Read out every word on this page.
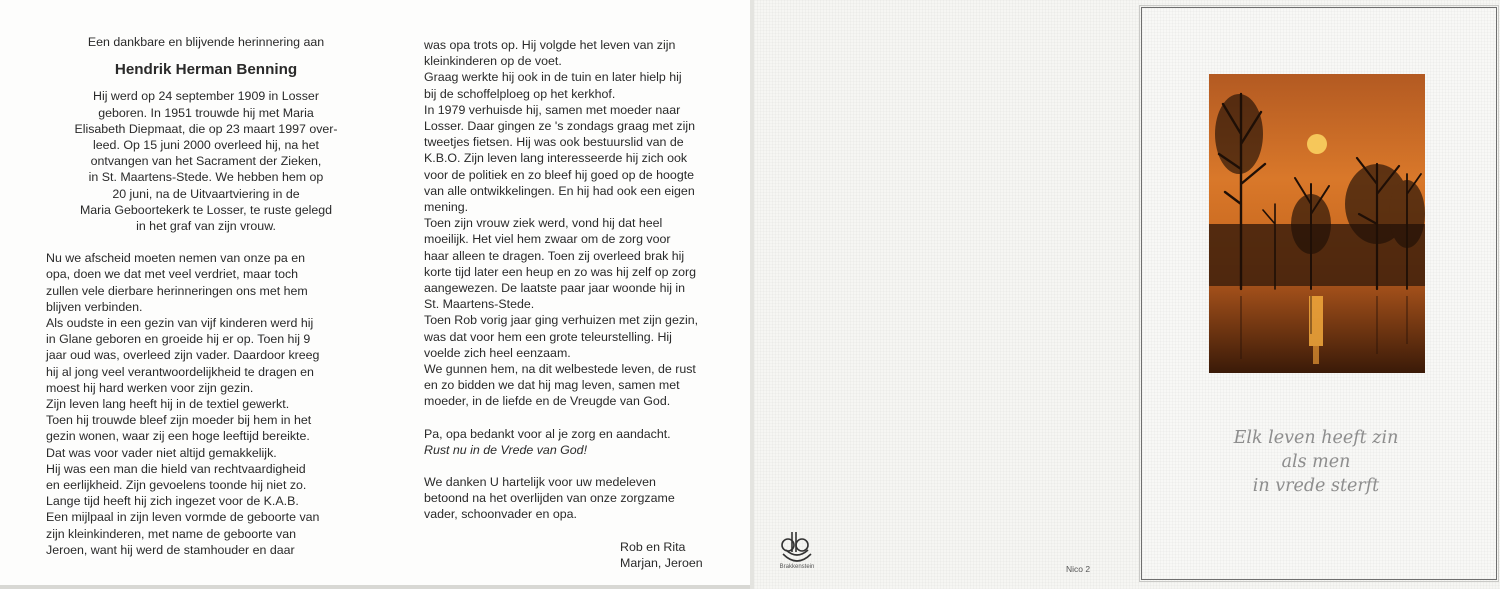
Een dankbare en blijvende herinnering aan

Hendrik Herman Benning

Hij werd op 24 september 1909 in Losser

geboren. In 1951 trouwde hij met Maria

Elisabeth Diepmaat, die op 23 maart 1997 over-

leed. Op 15 juni 2000 overleed hij, na het

ontvangen van het Sacrament der Zieken,

in St. Maartens-Stede. We hebben hem op

20 juni, na de Uitvaartviering in de

Maria Geboortekerk te Losser, te ruste gelegd

in het graf van zijn vrouw.

Nu we afscheid moeten nemen van onze pa en

opa, doen we dat met veel verdriet, maar toch

zullen vele dierbare herinneringen ons met hem

blijven verbinden.

Als oudste in een gezin van vijf kinderen werd hij

in Glane geboren en groeide hij er op. Toen hij 9

jaar oud was, overleed zijn vader. Daardoor kreeg

hij al jong veel verantwoordelijkheid te dragen en

moest hij hard werken voor zijn gezin.

Zijn leven lang heeft hij in de textiel gewerkt.

Toen hij trouwde bleef zijn moeder bij hem in het

gezin wonen, waar zij een hoge leeftijd bereikte.

Dat was voor vader niet altijd gemakkelijk.

Hij was een man die hield van rechtvaardigheid

en eerlijkheid. Zijn gevoelens toonde hij niet zo.

Lange tijd heeft hij zich ingezet voor de K.A.B.

Een mijlpaal in zijn leven vormde de geboorte van

zijn kleinkinderen, met name de geboorte van

Jeroen, want hij werd de stamhouder en daar

was opa trots op. Hij volgde het leven van zijn

kleinkinderen op de voet.

Graag werkte hij ook in de tuin en later hielp hij

bij de schoffelploeg op het kerkhof.

In 1979 verhuisde hij, samen met moeder naar

Losser. Daar gingen ze 's zondags graag met zijn

tweetjes fietsen. Hij was ook bestuurslid van de

K.B.O. Zijn leven lang interesseerde hij zich ook

voor de politiek en zo bleef hij goed op de hoogte

van alle ontwikkelingen. En hij had ook een eigen

mening.

Toen zijn vrouw ziek werd, vond hij dat heel

moeilijk. Het viel hem zwaar om de zorg voor

haar alleen te dragen. Toen zij overleed brak hij

korte tijd later een heup en zo was hij zelf op zorg

aangewezen. De laatste paar jaar woonde hij in

St. Maartens-Stede.

Toen Rob vorig jaar ging verhuizen met zijn gezin,

was dat voor hem een grote teleurstelling. Hij

voelde zich heel eenzaam.

We gunnen hem, na dit welbestede leven, de rust

en zo bidden we dat hij mag leven, samen met

moeder, in de liefde en de Vreugde van God.

Pa, opa bedankt voor al je zorg en aandacht.

Rust nu in de Vrede van God!

We danken U hartelijk voor uw medeleven

betoond na het overlijden van onze zorgzame

vader, schoonvader en opa.

Rob en Rita

Marjan, Jeroen	Brakkenstein	Nico 2
Elk leven heeft zin
als men
in vrede sterft
